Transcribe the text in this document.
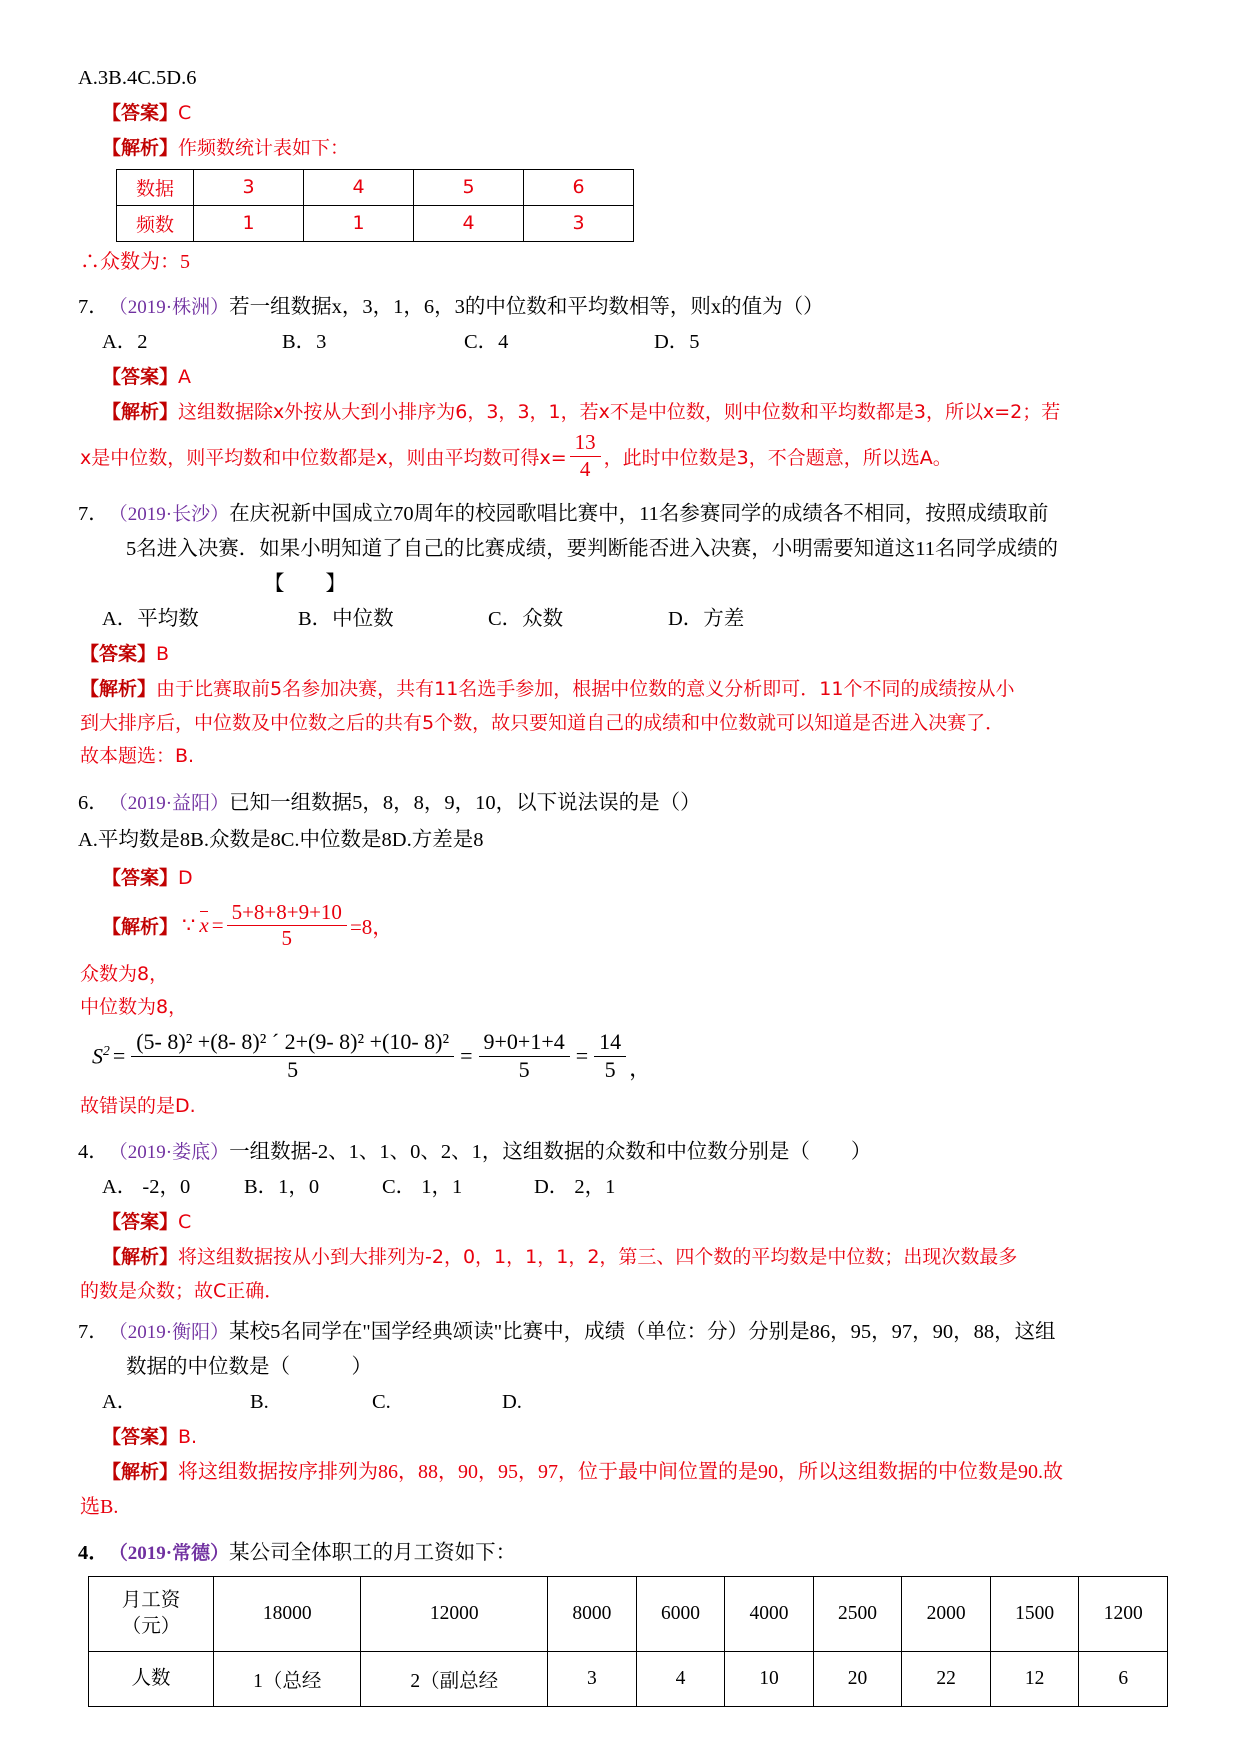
A.3B.4C.5D.6
【答案】C
【解析】作频数统计表如下：
数据	3	4	5	6
频数	1	1	4	3
∴众数为：5
7．（2019·株洲）若一组数据x，3，1，6，3的中位数和平均数相等，则x的值为（）
A．2	B．3	C．4	D．5
【答案】A
【解析】这组数据除x外按从大到小排序为6，3，3，1，若x不是中位数，则中位数和平均数都是3，所以x=2；若
x是中位数，则平均数和中位数都是x，则由平均数可得$x= \frac{13}{4}$ ，此时中位数是3，不合题意，所以选A。
7．（2019·长沙）在庆祝新中国成立70周年的校园歌唱比赛中，11名参赛同学的成绩各不相同，按照成绩取前
5名进入决赛．如果小明知道了自己的比赛成绩，要判断能否进入决赛，小明需要知道这11名同学成绩的
【　　】
A．平均数	B．中位数	C．众数	D．方差
【答案】B
【解析】由于比赛取前5名参加决赛，共有11名选手参加，根据中位数的意义分析即可．11个不同的成绩按从小
到大排序后，中位数及中位数之后的共有5个数，故只要知道自己的成绩和中位数就可以知道是否进入决赛了．
故本题选：B.
6．（2019·益阳）已知一组数据5，8，8，9，10，以下说法误的是（）
A.平均数是8B.众数是8C.中位数是8D.方差是8
【答案】D
【解析】 ∵ $x = \frac{5+8+8+9+10}{5} =8$，
众数为8，
中位数为8，
$S^2 = \frac{\text{(5- 8)² +(8- 8)² ´ 2+(9- 8)² +(10- 8)²}}{5} = \frac{9+0+1+4}{5} = \frac{14}{5}$ ，
故错误的是D.
4．（2019·娄底）一组数据‐2、1、1、0、2、1，这组数据的众数和中位数分别是（　　）
A． -2，0	B．1，0	C． 1，1	D． 2，1
【答案】C
【解析】将这组数据按从小到大排列为‐2，0，1，1，1，2，第三、四个数的平均数是中位数；出现次数最多
的数是众数；故C正确．
7．（2019·衡阳）某校5名同学在"国学经典颂读"比赛中，成绩（单位：分）分别是86，95，97，90，88，这组
数据的中位数是（　　　）
A．	B.	C.	D.
【答案】B.
【解析】将这组数据按序排列为86，88，90，95，97，位于最中间位置的是90，所以这组数据的中位数是90.故
选B.
4．（2019·常德）某公司全体职工的月工资如下：
月工资
（元）	18000	12000	8000	6000	4000	2500	2000	1500	1200
人数	1（总经	2（副总经	3	4	10	20	22	12	6
